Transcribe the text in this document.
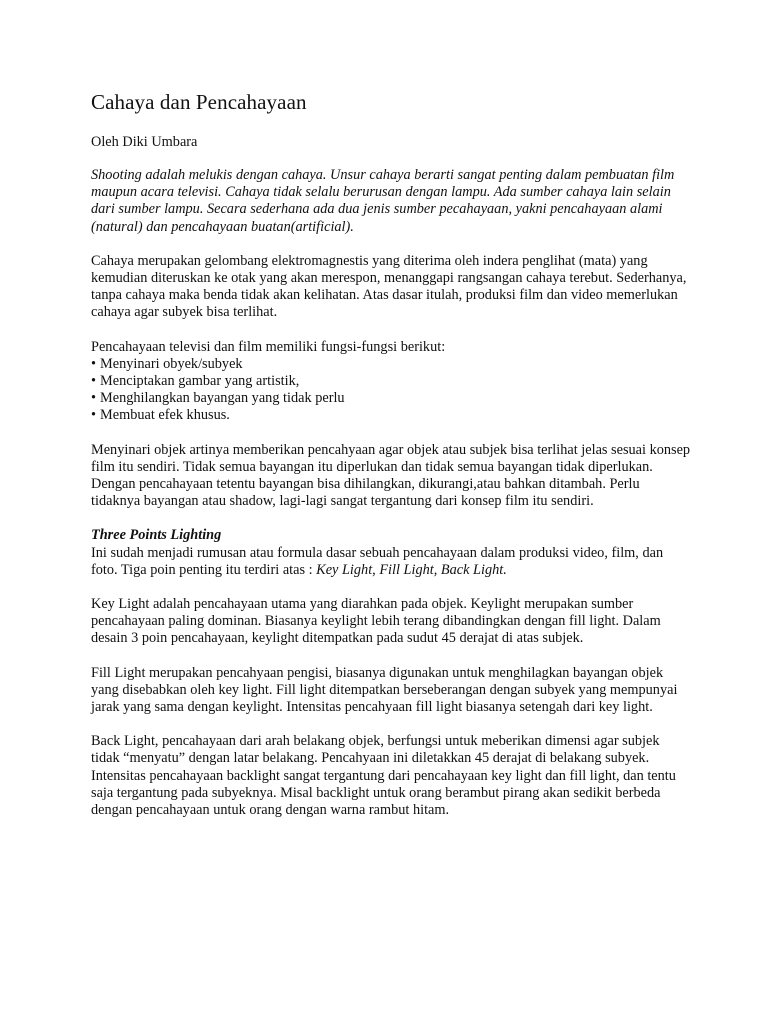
Cahaya dan Pencahayaan

Oleh Diki Umbara

Shooting adalah melukis dengan cahaya. Unsur cahaya berarti sangat penting dalam pembuatan film maupun acara televisi. Cahaya tidak selalu berurusan dengan lampu. Ada sumber cahaya lain selain dari sumber lampu. Secara sederhana ada dua jenis sumber pecahayaan, yakni pencahayaan alami (natural) dan pencahayaan buatan(artificial).

Cahaya merupakan gelombang elektromagnestis yang diterima oleh indera penglihat (mata) yang kemudian diteruskan ke otak yang akan merespon, menanggapi rangsangan cahaya terebut. Sederhanya, tanpa cahaya maka benda tidak akan kelihatan. Atas dasar itulah, produksi film dan video memerlukan cahaya agar subyek bisa terlihat.

Pencahayaan televisi dan film memiliki fungsi-fungsi berikut:

• Menyinari obyek/subyek
• Menciptakan gambar yang artistik,
• Menghilangkan bayangan yang tidak perlu
• Membuat efek khusus.

Menyinari objek artinya memberikan pencahyaan agar objek atau subjek bisa terlihat jelas sesuai konsep film itu sendiri. Tidak semua bayangan itu diperlukan dan tidak semua bayangan tidak diperlukan. Dengan pencahayaan tetentu bayangan bisa dihilangkan, dikurangi,atau bahkan ditambah. Perlu tidaknya bayangan atau shadow, lagi-lagi sangat tergantung dari konsep film itu sendiri.

Three Points Lighting

Ini sudah menjadi rumusan atau formula dasar sebuah pencahayaan dalam produksi video, film, dan foto. Tiga poin penting itu terdiri atas : Key Light, Fill Light, Back Light.

Key Light adalah pencahayaan utama yang diarahkan pada objek. Keylight merupakan sumber pencahayaan paling dominan. Biasanya keylight lebih terang dibandingkan dengan fill light. Dalam desain 3 poin pencahayaan, keylight ditempatkan pada sudut 45 derajat di atas subjek.

Fill Light merupakan pencahyaan pengisi, biasanya digunakan untuk menghilagkan bayangan objek yang disebabkan oleh key light. Fill light ditempatkan berseberangan dengan subyek yang mempunyai jarak yang sama dengan keylight. Intensitas pencahyaan fill light biasanya setengah dari key light.

Back Light, pencahayaan dari arah belakang objek, berfungsi untuk meberikan dimensi agar subjek tidak “menyatu” dengan latar belakang. Pencahyaan ini diletakkan 45 derajat di belakang subyek. Intensitas pencahayaan backlight sangat tergantung dari pencahayaan key light dan fill light, dan tentu saja tergantung pada subyeknya. Misal backlight untuk orang berambut pirang akan sedikit berbeda dengan pencahayaan untuk orang dengan warna rambut hitam.
